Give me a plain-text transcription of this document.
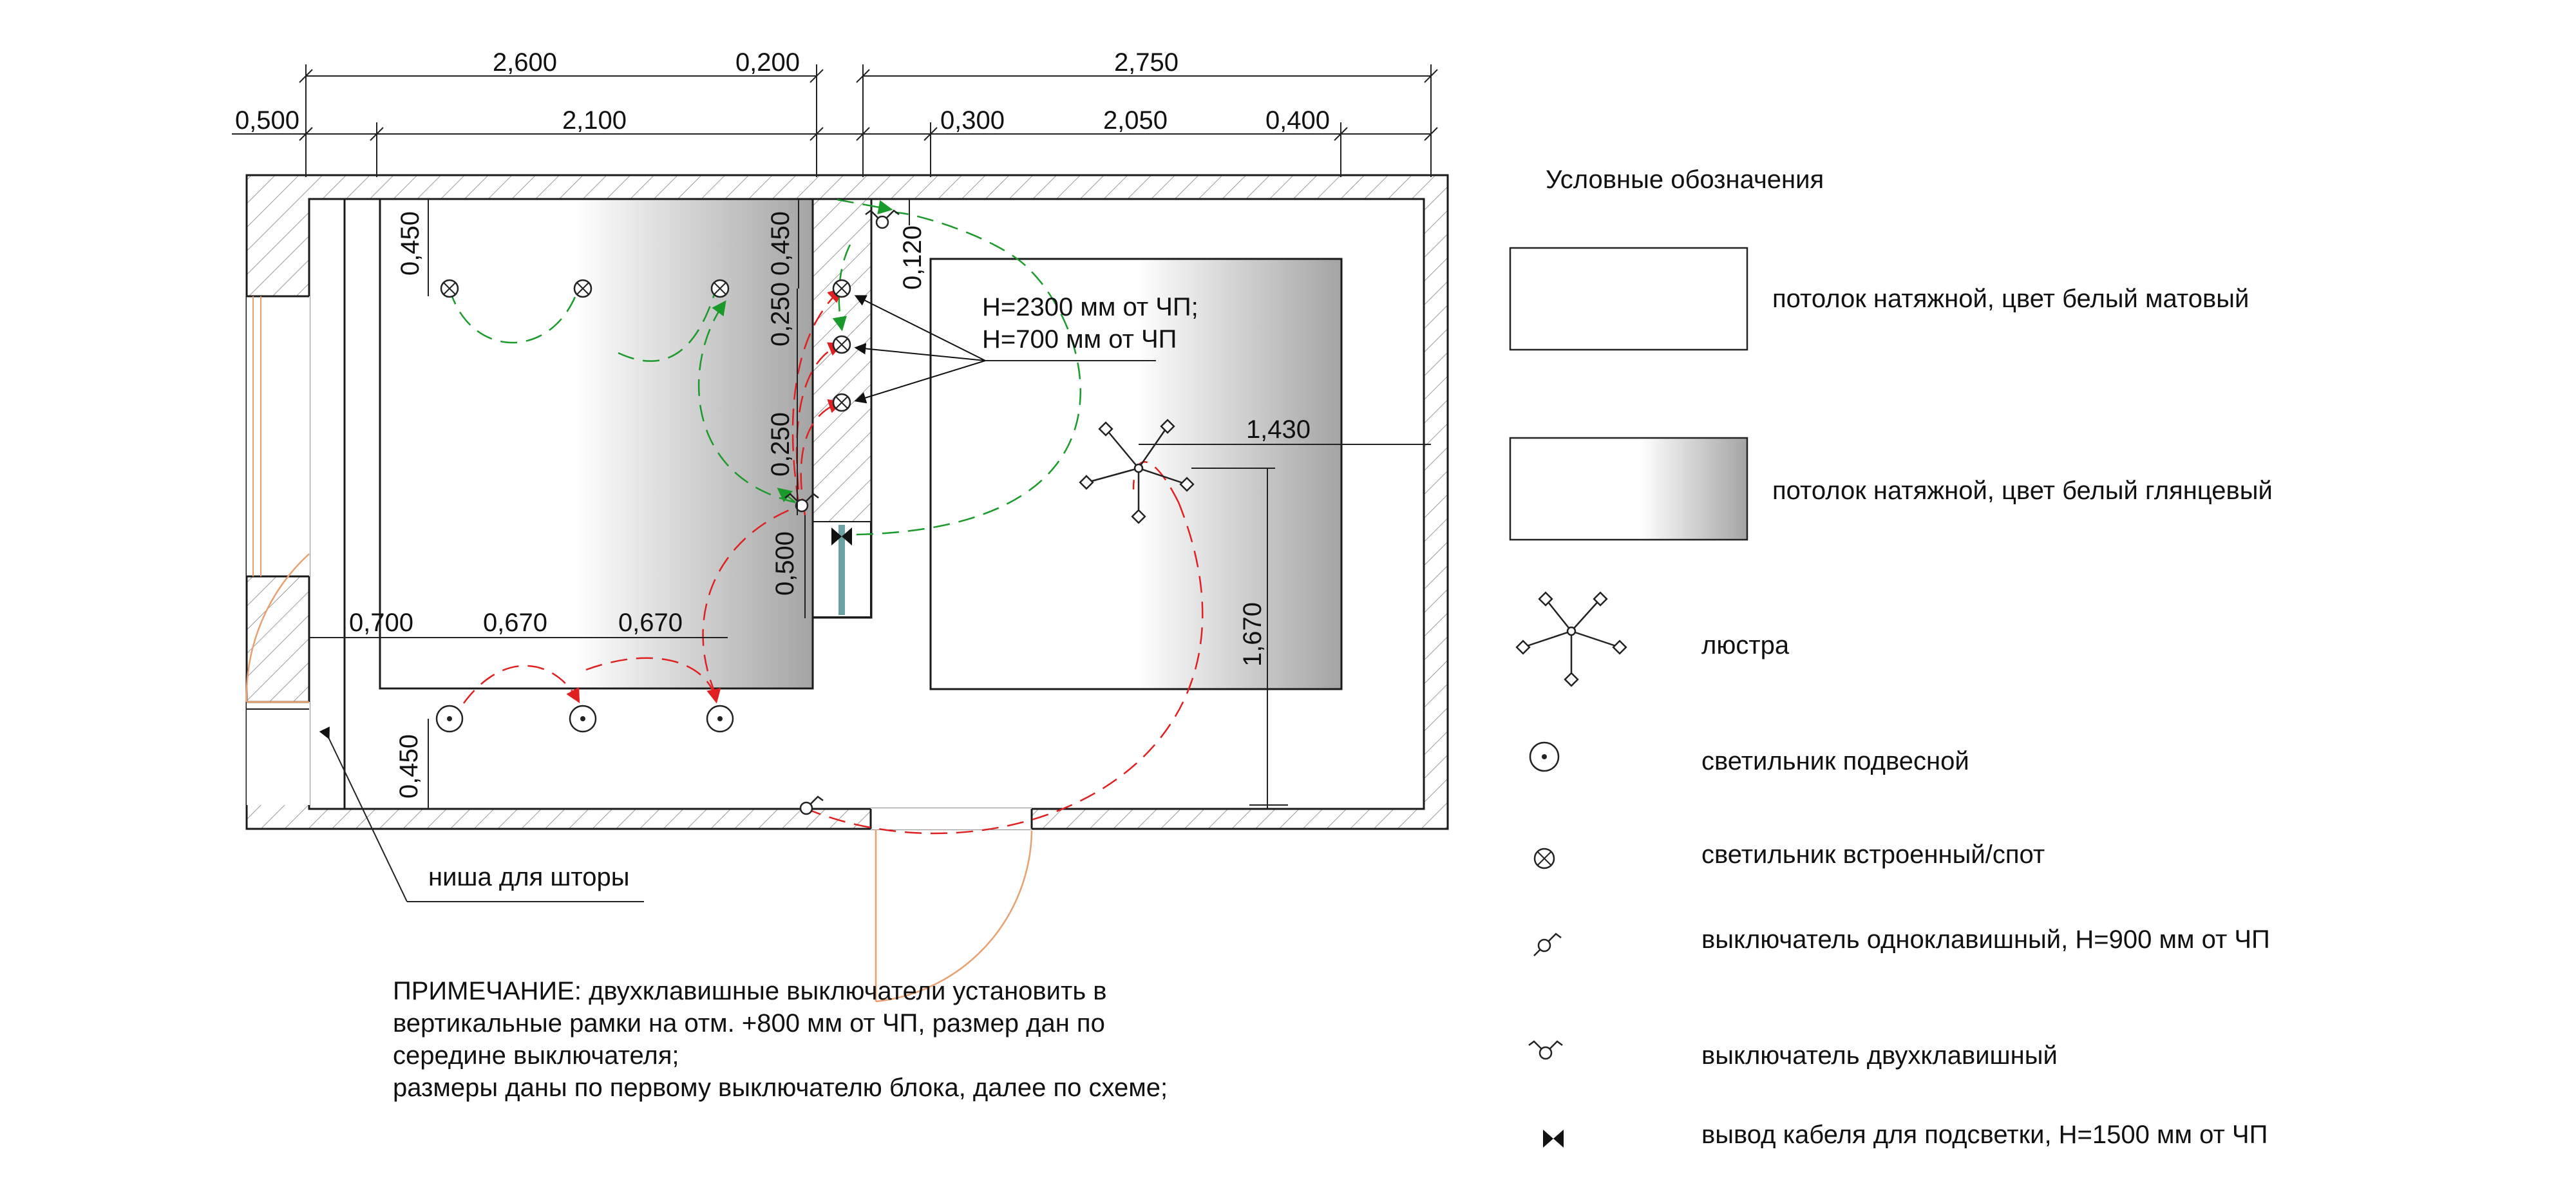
2,600	0,200	2,750
0,500	2,100	0,300	2,050	0,400
0,450	0,450	0,120
0,250
0,250
0,500
0,700	0,670	0,670
0,450
1,430
1,670
Н=2300 мм от ЧП;
Н=700 мм от ЧП
ниша для шторы
ПРИМЕЧАНИЕ: двухклавишные выключатели установить в
вертикальные рамки на отм. +800 мм от ЧП, размер дан по
середине выключателя;
размеры даны по первому выключателю блока, далее по схеме;
Условные обозначения
потолок натяжной, цвет белый матовый
потолок натяжной, цвет белый глянцевый
люстра
светильник подвесной
светильник встроенный/спот
выключатель одноклавишный, Н=900 мм от ЧП
выключатель двухклавишный
вывод кабеля для подсветки, Н=1500 мм от ЧП
